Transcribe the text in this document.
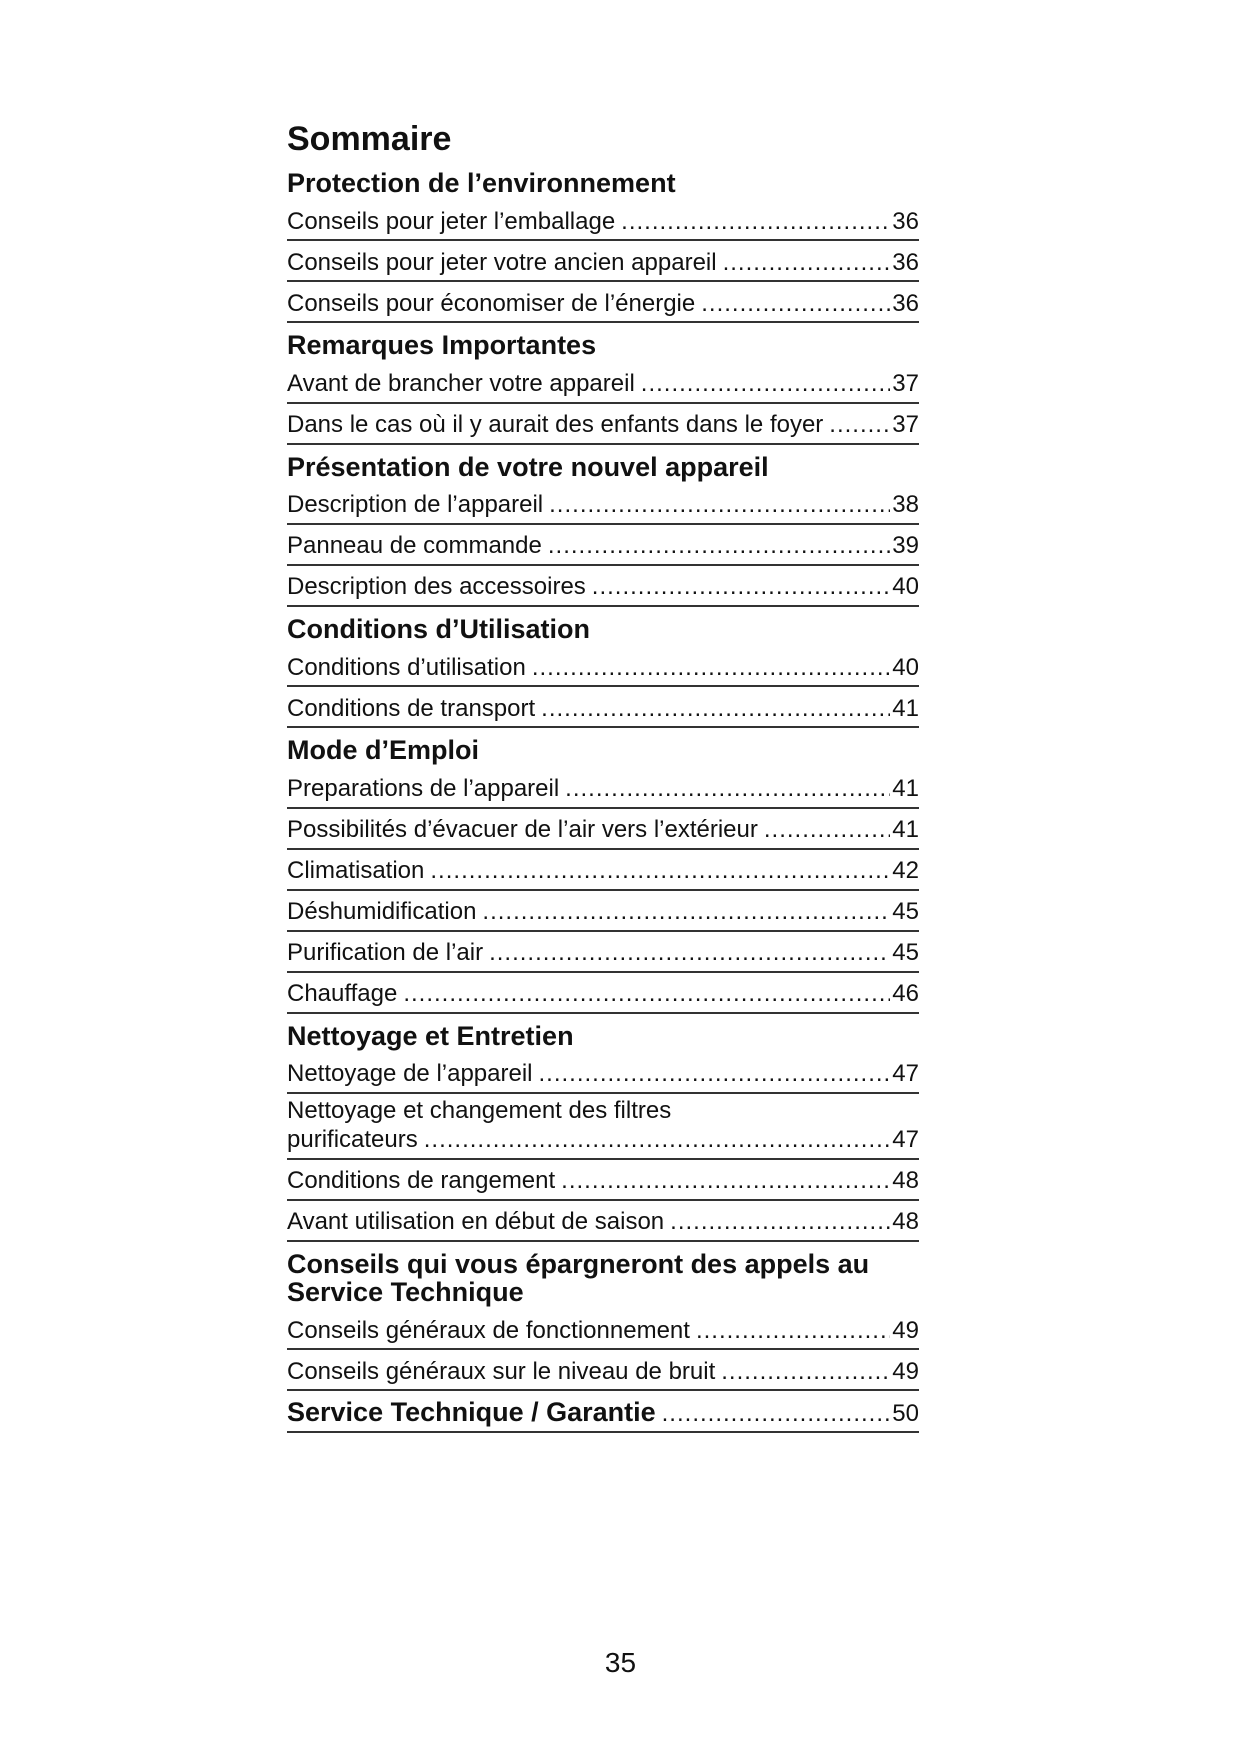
Sommaire
Protection de l’environnement
Conseils pour jeter l’emballage .....	36
Conseils pour jeter votre ancien appareil .....	36
Conseils pour économiser de l’énergie .....	36
Remarques Importantes
Avant de brancher votre appareil .....	37
Dans le cas où il y aurait des enfants dans le foyer .....	37
Présentation de votre nouvel appareil
Description de l’appareil .....	38
Panneau de commande .....	39
Description des accessoires .....	40
Conditions d’Utilisation
Conditions d’utilisation .....	40
Conditions de transport .....	41
Mode d’Emploi
Preparations de l’appareil .....	41
Possibilités d’évacuer de l’air vers l’extérieur .....	41
Climatisation .....	42
Déshumidification .....	45
Purification de l’air .....	45
Chauffage .....	46
Nettoyage et Entretien
Nettoyage de l’appareil .....	47
Nettoyage et changement des filtres
purificateurs .....	47
Conditions de rangement .....	48
Avant utilisation en début de saison .....	48
Conseils qui vous épargneront des appels au
Service Technique
Conseils généraux de fonctionnement .....	49
Conseils généraux sur le niveau de bruit .....	49
Service Technique / Garantie .....	50
35
